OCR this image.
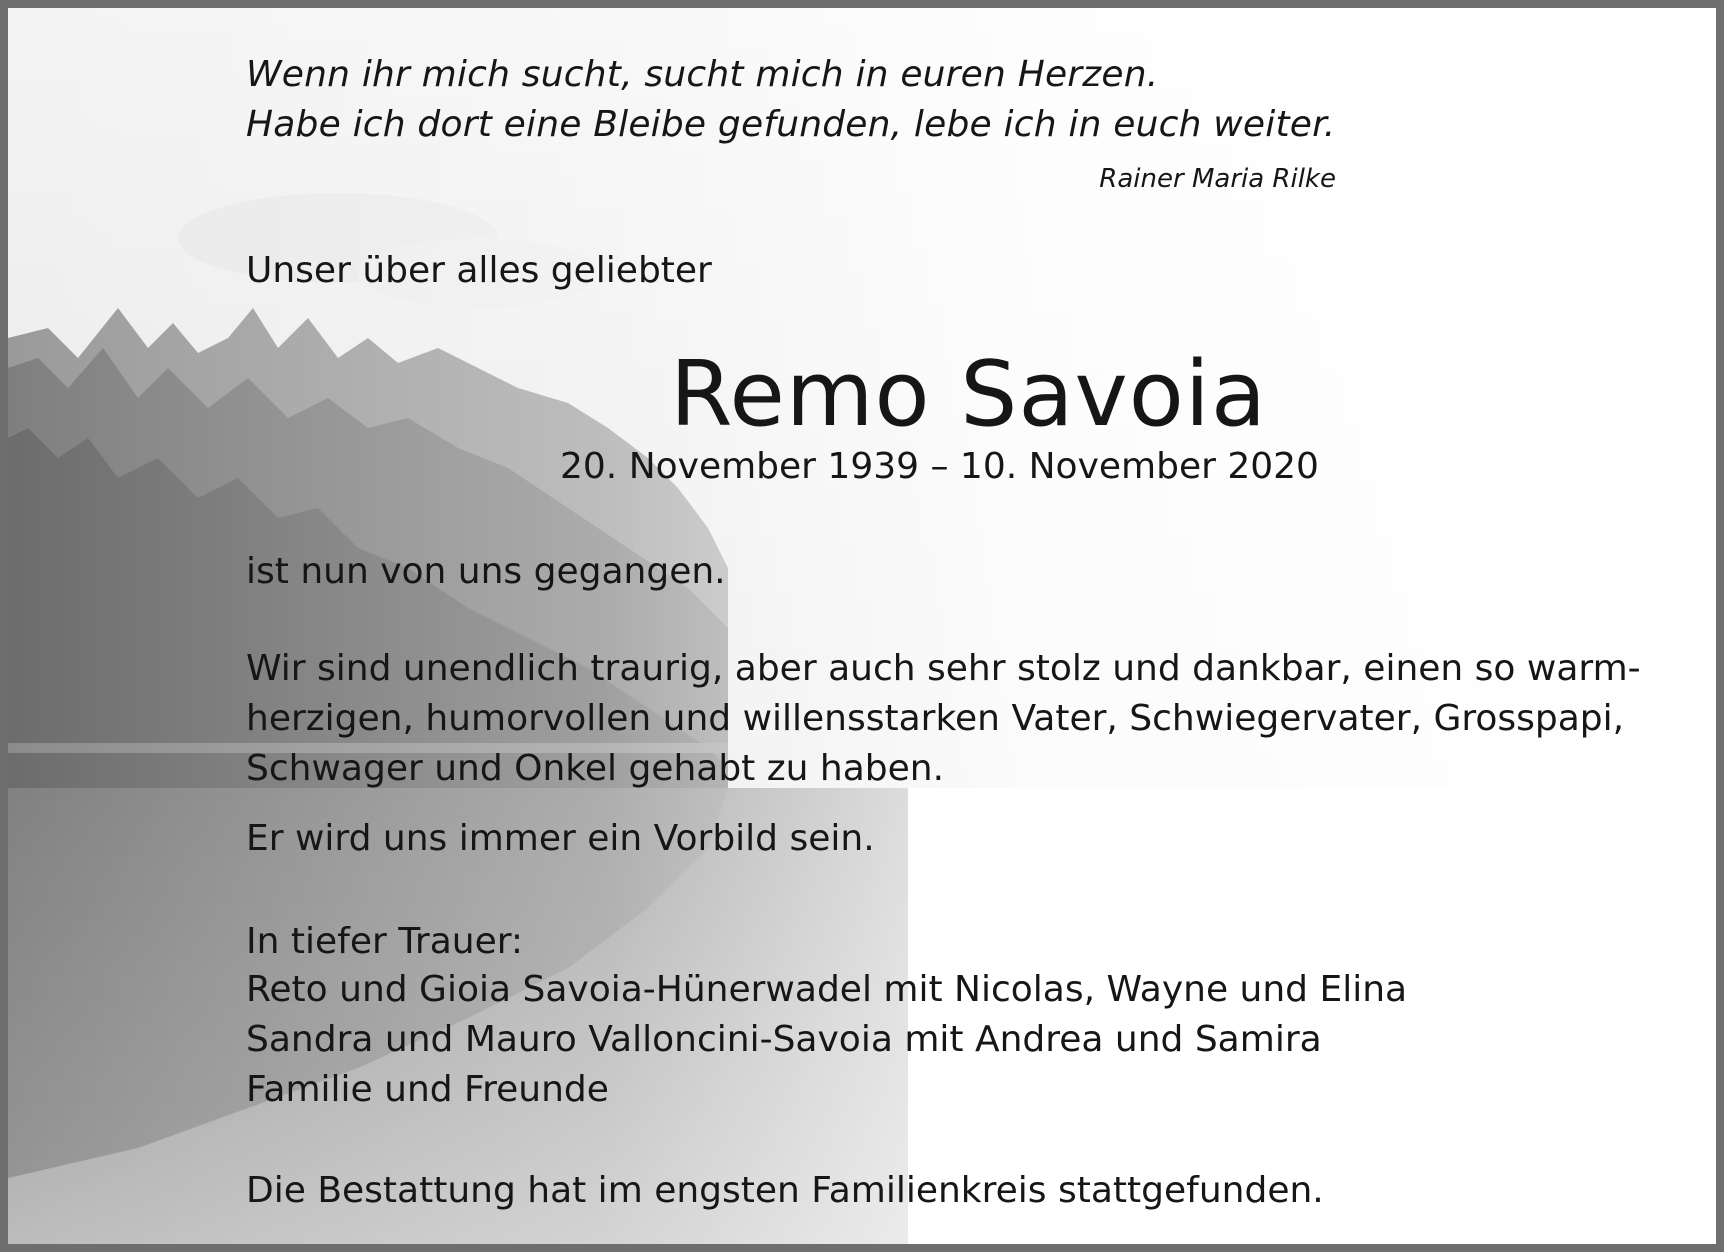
Wenn ihr mich sucht, sucht mich in euren Herzen.
Habe ich dort eine Bleibe gefunden, lebe ich in euch weiter.
Rainer Maria Rilke
Unser über alles geliebter
Remo Savoia
20. November 1939 – 10. November 2020
ist nun von uns gegangen.
Wir sind unendlich traurig, aber auch sehr stolz und dankbar, einen so warm-
herzigen, humorvollen und willensstarken Vater, Schwiegervater, Grosspapi,
Schwager und Onkel gehabt zu haben.
Er wird uns immer ein Vorbild sein.
In tiefer Trauer:
Reto und Gioia Savoia-Hünerwadel mit Nicolas, Wayne und Elina
Sandra und Mauro Valloncini-Savoia mit Andrea und Samira
Familie und Freunde
Die Bestattung hat im engsten Familienkreis stattgefunden.
